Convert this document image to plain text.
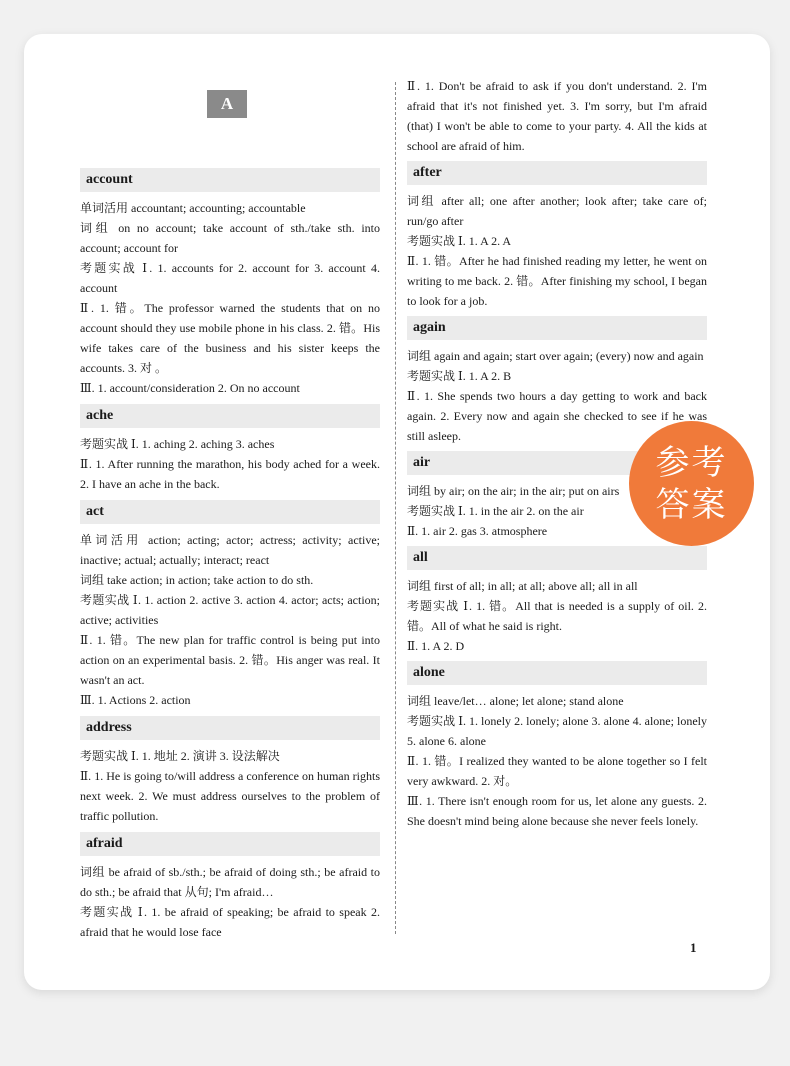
A
account
单词活用 accountant; accounting; accountable
词组 on no account; take account of sth./take sth. into account; account for
考题实战 Ⅰ. 1. accounts for 2. account for 3. account 4. account
Ⅱ. 1. 错。The professor warned the students that on no account should they use mobile phone in his class. 2. 错。His wife takes care of the business and his sister keeps the accounts. 3. 对 。
Ⅲ. 1. account/consideration 2. On no account
ache
考题实战 Ⅰ. 1. aching 2. aching 3. aches
Ⅱ. 1. After running the marathon, his body ached for a week. 2. I have an ache in the back.
act
单词活用 action; acting; actor; actress; activity; active; inactive; actual; actually; interact; react
词组 take action; in action; take action to do sth.
考题实战 Ⅰ. 1. action 2. active 3. action 4. actor; acts; action; active; activities
Ⅱ. 1. 错。The new plan for traffic control is being put into action on an experimental basis. 2. 错。His anger was real. It wasn't an act.
Ⅲ. 1. Actions 2. action
address
考题实战 Ⅰ. 1. 地址 2. 演讲 3. 设法解决
Ⅱ. 1. He is going to/will address a conference on human rights next week. 2. We must address ourselves to the problem of traffic pollution.
afraid
词组 be afraid of sb./sth.; be afraid of doing sth.; be afraid to do sth.; be afraid that 从句; I'm afraid…
考题实战 Ⅰ. 1. be afraid of speaking; be afraid to speak 2. afraid that he would lose face
Ⅱ. 1. Don't be afraid to ask if you don't understand. 2. I'm afraid that it's not finished yet. 3. I'm sorry, but I'm afraid (that) I won't be able to come to your party. 4. All the kids at school are afraid of him.
after
词组 after all; one after another; look after; take care of; run/go after
考题实战 Ⅰ. 1. A 2. A
Ⅱ. 1. 错。After he had finished reading my letter, he went on writing to me back. 2. 错。After finishing my school, I began to look for a job.
again
词组 again and again; start over again; (every) now and again
考题实战 Ⅰ. 1. A 2. B
Ⅱ. 1. She spends two hours a day getting to work and back again. 2. Every now and again she checked to see if he was still asleep.
air
词组 by air; on the air; in the air; put on airs
考题实战 Ⅰ. 1. in the air 2. on the air
Ⅱ. 1. air 2. gas 3. atmosphere
all
词组 first of all; in all; at all; above all; all in all
考题实战 Ⅰ. 1. 错。All that is needed is a supply of oil. 2. 错。All of what he said is right.
Ⅱ. 1. A 2. D
alone
词组 leave/let… alone; let alone; stand alone
考题实战 Ⅰ. 1. lonely 2. lonely; alone 3. alone 4. alone; lonely 5. alone 6. alone
Ⅱ. 1. 错。I realized they wanted to be alone together so I felt very awkward. 2. 对。
Ⅲ. 1. There isn't enough room for us, let alone any guests. 2. She doesn't mind being alone because she never feels lonely.
1
参考
答案
